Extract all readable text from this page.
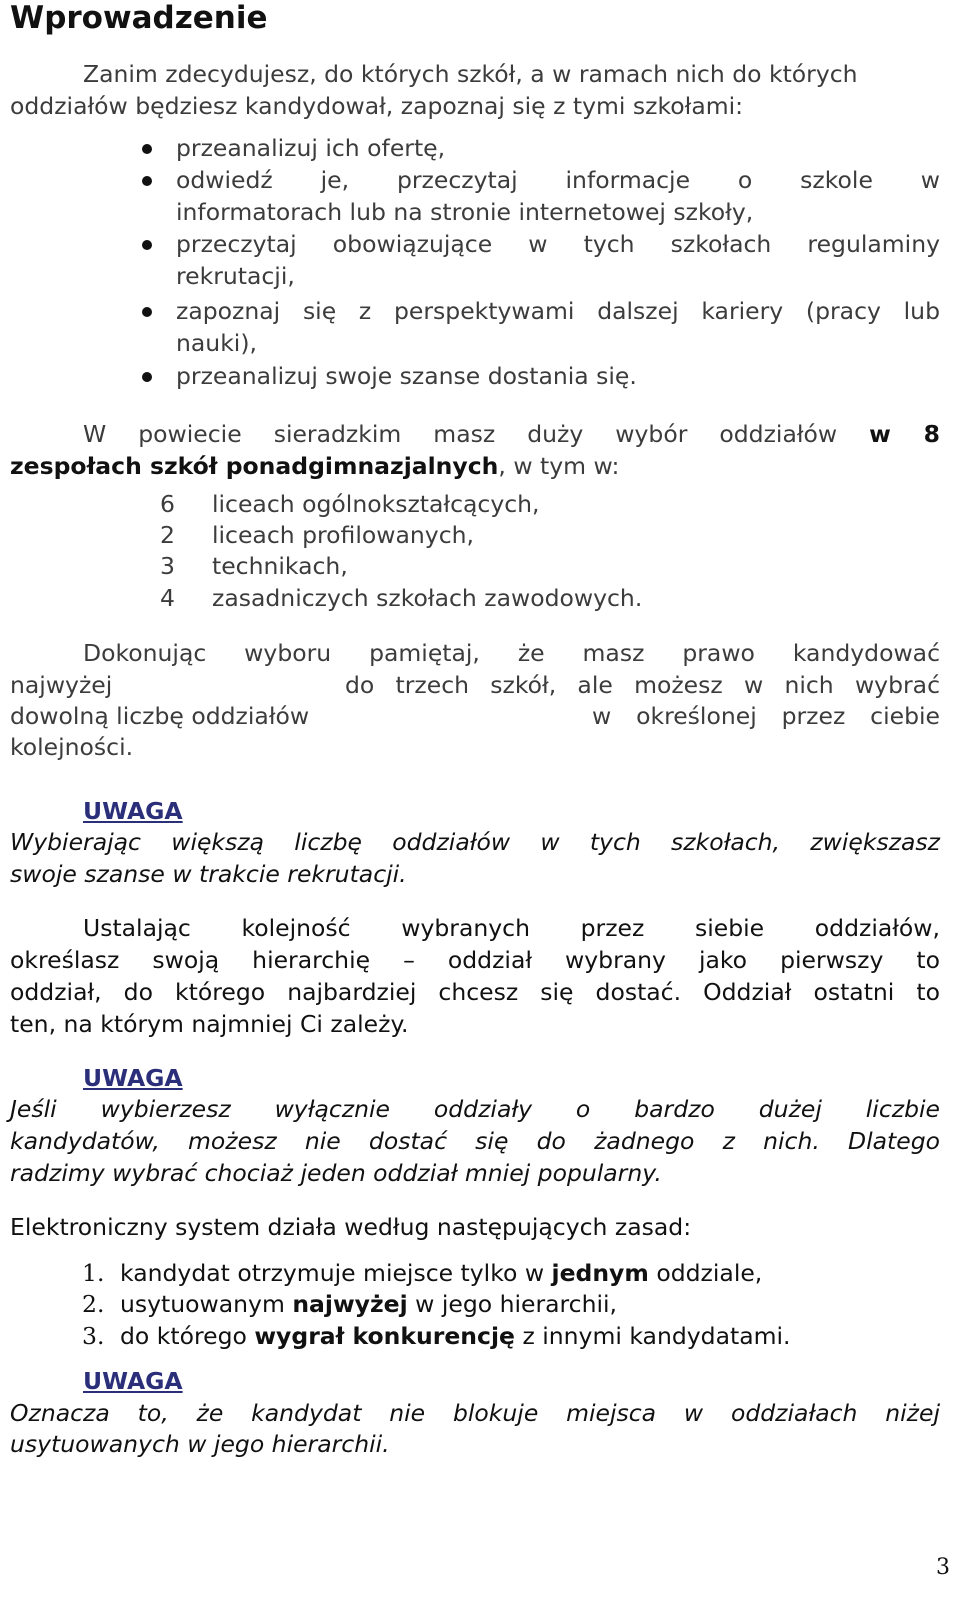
Wprowadzenie
Zanim zdecydujesz, do których szkół, a w ramach nich do których
oddziałów będziesz kandydował, zapoznaj się z tymi szkołami:
przeanalizuj ich ofertę,
odwiedź je, przeczytaj informacje o szkole w
informatorach lub na stronie internetowej szkoły,
przeczytaj obowiązujące w tych szkołach regulaminy
rekrutacji,
zapoznaj się z perspektywami dalszej kariery (pracy lub
nauki),
przeanalizuj swoje szanse dostania się.
W powiecie sieradzkim masz duży wybór oddziałów w 8
zespołach szkół ponadgimnazjalnych, w tym w:
6 liceach ogólnokształcących,
2 liceach profilowanych,
3 technikach,
4 zasadniczych szkołach zawodowych.
Dokonując wyboru pamiętaj, że masz prawo kandydować
najwyżej	do trzech szkół, ale możesz w nich wybrać
dowolną liczbę oddziałów	w określonej przez ciebie
kolejności.
UWAGA
Wybierając większą liczbę oddziałów w tych szkołach, zwiększasz
swoje szanse w trakcie rekrutacji.
Ustalając kolejność wybranych przez siebie oddziałów,
określasz swoją hierarchię – oddział wybrany jako pierwszy to
oddział, do którego najbardziej chcesz się dostać. Oddział ostatni to
ten, na którym najmniej Ci zależy.
UWAGA
Jeśli wybierzesz wyłącznie oddziały o bardzo dużej liczbie
kandydatów, możesz nie dostać się do żadnego z nich. Dlatego
radzimy wybrać chociaż jeden oddział mniej popularny.
Elektroniczny system działa według następujących zasad:
1. kandydat otrzymuje miejsce tylko w jednym oddziale,
2. usytuowanym najwyżej w jego hierarchii,
3. do którego wygrał konkurencję z innymi kandydatami.
UWAGA
Oznacza to, że kandydat nie blokuje miejsca w oddziałach niżej
usytuowanych w jego hierarchii.
3
